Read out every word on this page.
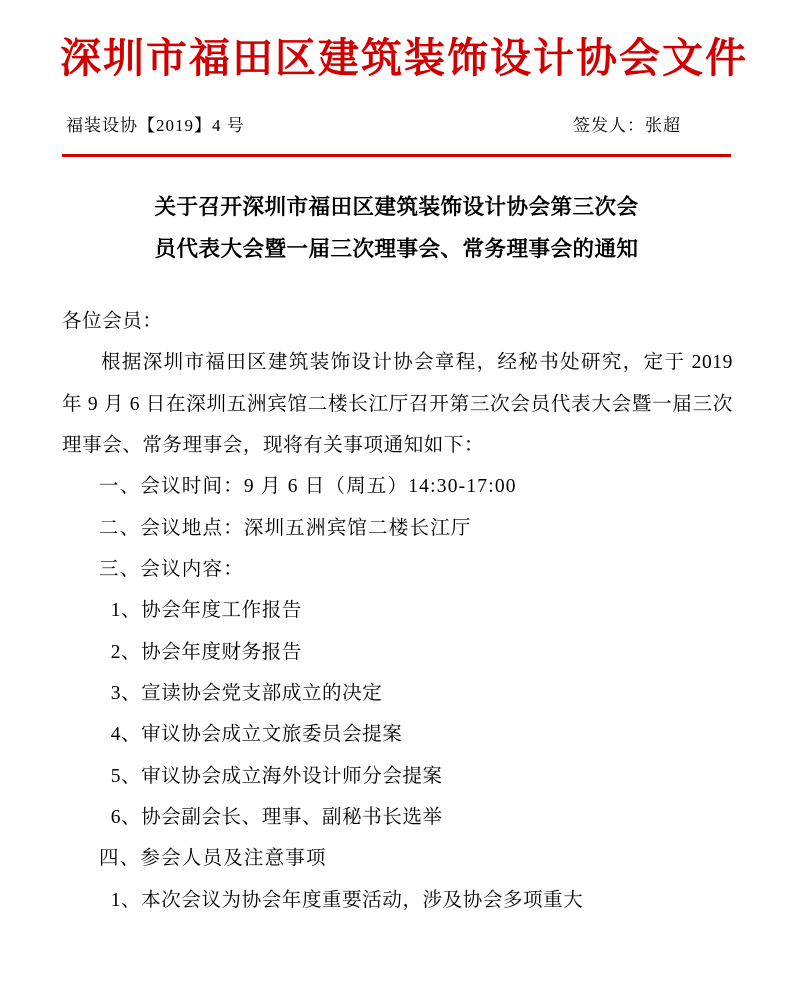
深圳市福田区建筑装饰设计协会文件
福装设协【2019】4 号	签发人：张超
关于召开深圳市福田区建筑装饰设计协会第三次会
员代表大会暨一届三次理事会、常务理事会的通知
各位会员：
根据深圳市福田区建筑装饰设计协会章程，经秘书处研究，定于 2019 年 9 月 6 日在深圳五洲宾馆二楼长江厅召开第三次会员代表大会暨一届三次理事会、常务理事会，现将有关事项通知如下：
一、会议时间：9 月 6 日（周五）14:30-17:00
二、会议地点：深圳五洲宾馆二楼长江厅
三、会议内容：
1、协会年度工作报告
2、协会年度财务报告
3、宣读协会党支部成立的决定
4、审议协会成立文旅委员会提案
5、审议协会成立海外设计师分会提案
6、协会副会长、理事、副秘书长选举
四、参会人员及注意事项
1、本次会议为协会年度重要活动，涉及协会多项重大
